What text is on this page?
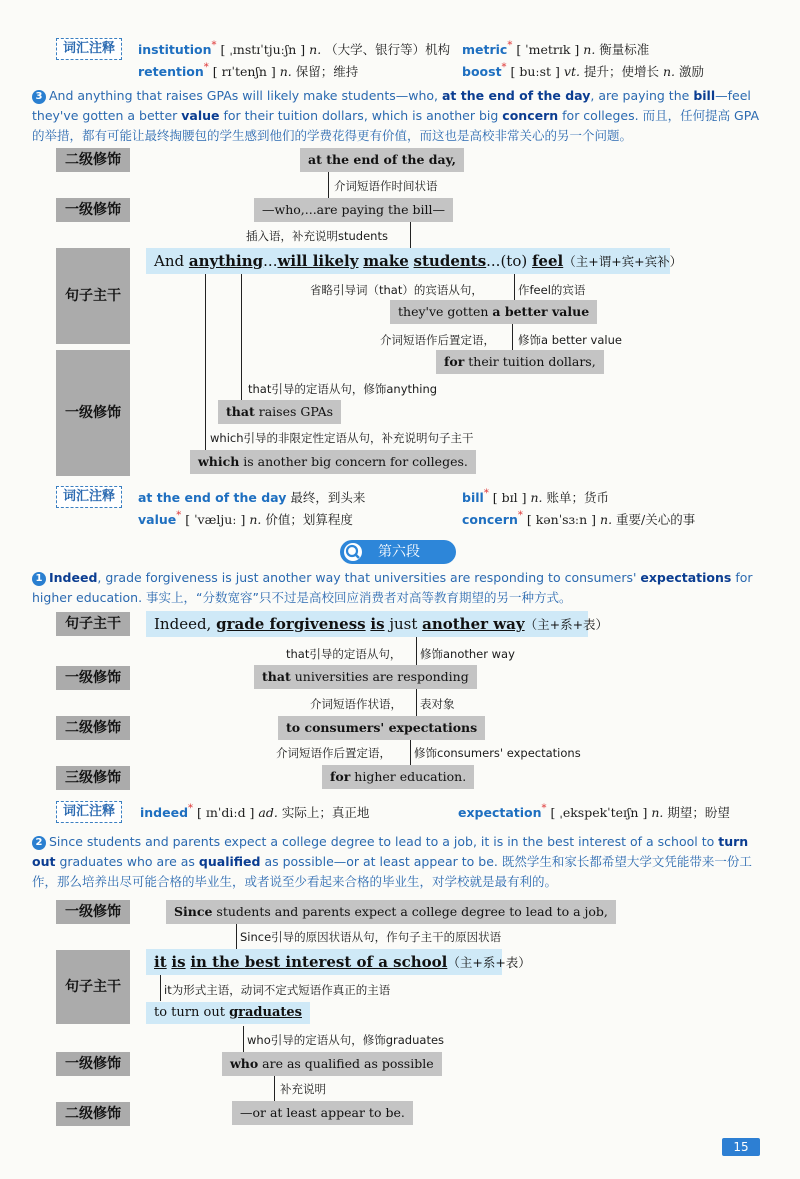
词汇注释	institution* [ ˌɪnstɪˈtjuːʃn ] n. （大学、银行等）机构 metric* [ ˈmetrɪk ] n. 衡量标准
retention* [ rɪˈtenʃn ] n. 保留；维持	boost* [ buːst ] vt. 提升；使增长 n. 激励
3 And anything that raises GPAs will likely make students—who, at the end of the day, are paying the bill—feel they've gotten a better value for their tuition dollars, which is another big concern for colleges. 而且，任何提高 GPA 的举措，都有可能让最终掏腰包的学生感到他们的学费花得更有价值，而这也是高校非常关心的另一个问题。
二级修饰
一级修饰
句子主干
一级修饰
at the end of the day,
介词短语作时间状语
—who,...are paying the bill—
插入语，补充说明students
And anything...will likely make students...(to) feel（主+谓+宾+宾补）
省略引导词（that）的宾语从句，	作feel的宾语
they've gotten a better value
介词短语作后置定语， 修饰a better value
for their tuition dollars,
that引导的定语从句，修饰anything
that raises GPAs
which引导的非限定性定语从句，补充说明句子主干
which is another big concern for colleges.
词汇注释	at the end of the day 最终，到头来	bill* [ bɪl ] n. 账单；货币
value* [ ˈvæljuː ] n. 价值；划算程度	concern* [ kənˈsɜːn ] n. 重要/关心的事
第六段
1 Indeed, grade forgiveness is just another way that universities are responding to consumers' expectations for higher education. 事实上，“分数宽容”只不过是高校回应消费者对高等教育期望的另一种方式。
句子主干
一级修饰
二级修饰
三级修饰
Indeed, grade forgiveness is just another way（主+系+表）
that引导的定语从句， 修饰another way
that universities are responding
介词短语作状语， 表对象
to consumers' expectations
介词短语作后置定语， 修饰consumers' expectations
for higher education.
词汇注释	indeed* [ ɪnˈdiːd ] ad. 实际上；真正地	expectation* [ ˌekspekˈteɪʃn ] n. 期望；盼望
2 Since students and parents expect a college degree to lead to a job, it is in the best interest of a school to turn out graduates who are as qualified as possible—or at least appear to be. 既然学生和家长都希望大学文凭能带来一份工作，那么培养出尽可能合格的毕业生，或者说至少看起来合格的毕业生，对学校就是最有利的。
一级修饰
句子主干
一级修饰
二级修饰
Since students and parents expect a college degree to lead to a job,
Since引导的原因状语从句，作句子主干的原因状语
it is in the best interest of a school（主+系+表）
it为形式主语，动词不定式短语作真正的主语
to turn out graduates
who引导的定语从句，修饰graduates
who are as qualified as possible
补充说明
—or at least appear to be.
15
